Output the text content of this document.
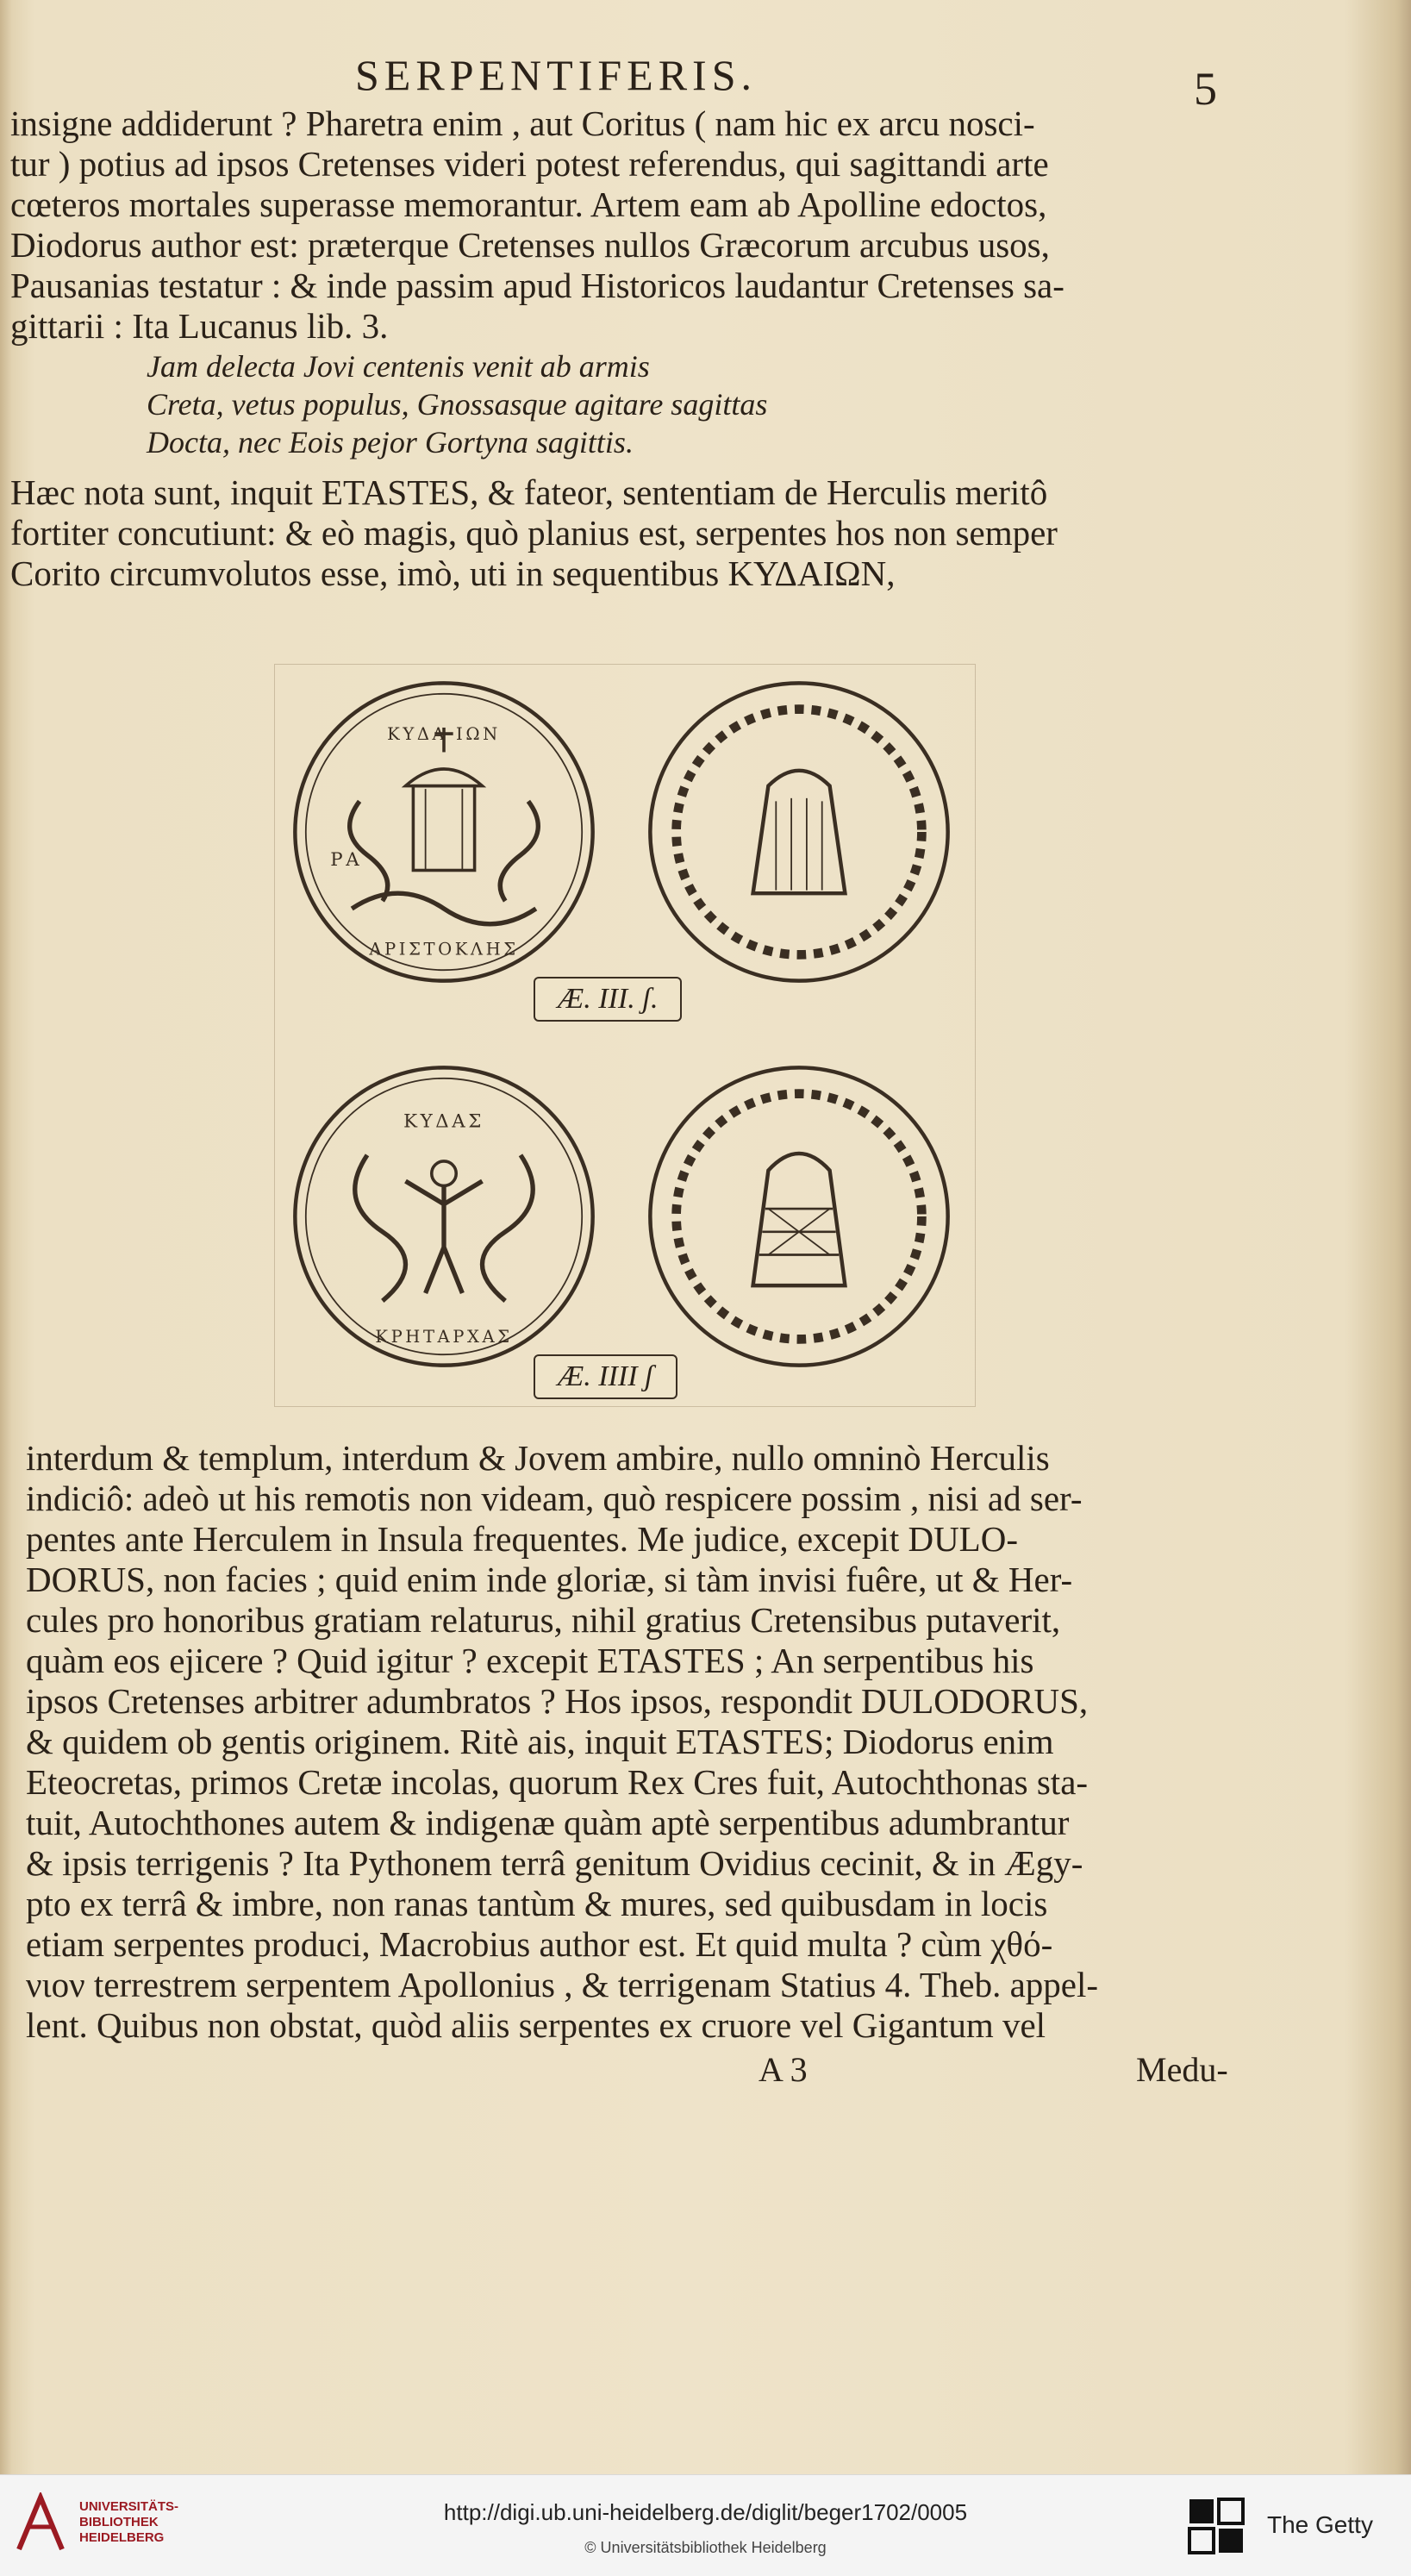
SERPENTIFERIS.	5
insigne addiderunt ? Pharetra enim , aut Coritus ( nam hic ex arcu nosci-
tur ) potius ad ipsos Cretenses videri potest referendus, qui sagittandi arte
cœteros mortales superasse memorantur. Artem eam ab Apolline edoctos,
Diodorus author est: præterque Cretenses nullos Græcorum arcubus usos,
Pausanias testatur : & inde passim apud Historicos laudantur Cretenses sa-
gittarii : Ita Lucanus lib. 3.
Jam delecta Jovi centenis venit ab armis
Creta, vetus populus, Gnossasque agitare sagittas
Docta, nec Eois pejor Gortyna sagittis.
Hæc nota sunt, inquit ETASTES, & fateor, sententiam de Herculis meritô
fortiter concutiunt: & eò magis, quò planius est, serpentes hos non semper
Corito circumvolutos esse, imò, uti in sequentibus ΚΥΔΑΙΩΝ,
ΚΥΔΑ ΙΩΝ
ΡΑ
ΑΡΙΣΤΟΚΛΗΣ
Æ. III. ʃ.
ΚΥΔΑΣ
ΚΡΗΤΑΡΧΑΣ
Æ. IIII ʃ
interdum & templum, interdum & Jovem ambire, nullo omninò Herculis
indiciô: adeò ut his remotis non videam, quò respicere possim , nisi ad ser-
pentes ante Herculem in Insula frequentes. Me judice, excepit DULO-
DORUS, non facies ; quid enim inde gloriæ, si tàm invisi fuêre, ut & Her-
cules pro honoribus gratiam relaturus, nihil gratius Cretensibus putaverit,
quàm eos ejicere ? Quid igitur ? excepit ETASTES ; An serpentibus his
ipsos Cretenses arbitrer adumbratos ? Hos ipsos, respondit DULODORUS,
& quidem ob gentis originem. Ritè ais, inquit ETASTES; Diodorus enim
Eteocretas, primos Cretæ incolas, quorum Rex Cres fuit, Autochthonas sta-
tuit, Autochthones autem & indigenæ quàm aptè serpentibus adumbrantur
& ipsis terrigenis ? Ita Pythonem terrâ genitum Ovidius cecinit, & in Ægy-
pto ex terrâ & imbre, non ranas tantùm & mures, sed quibusdam in locis
etiam serpentes produci, Macrobius author est. Et quid multa ? cùm χθό-
νιον terrestrem serpentem Apollonius , & terrigenam Statius 4. Theb. appel-
lent. Quibus non obstat, quòd aliis serpentes ex cruore vel Gigantum vel
A 3	Medu-
UNIVERSITÄTS-
BIBLIOTHEK
HEIDELBERG
http://digi.ub.uni-heidelberg.de/diglit/beger1702/0005
© Universitätsbibliothek Heidelberg
The Getty
